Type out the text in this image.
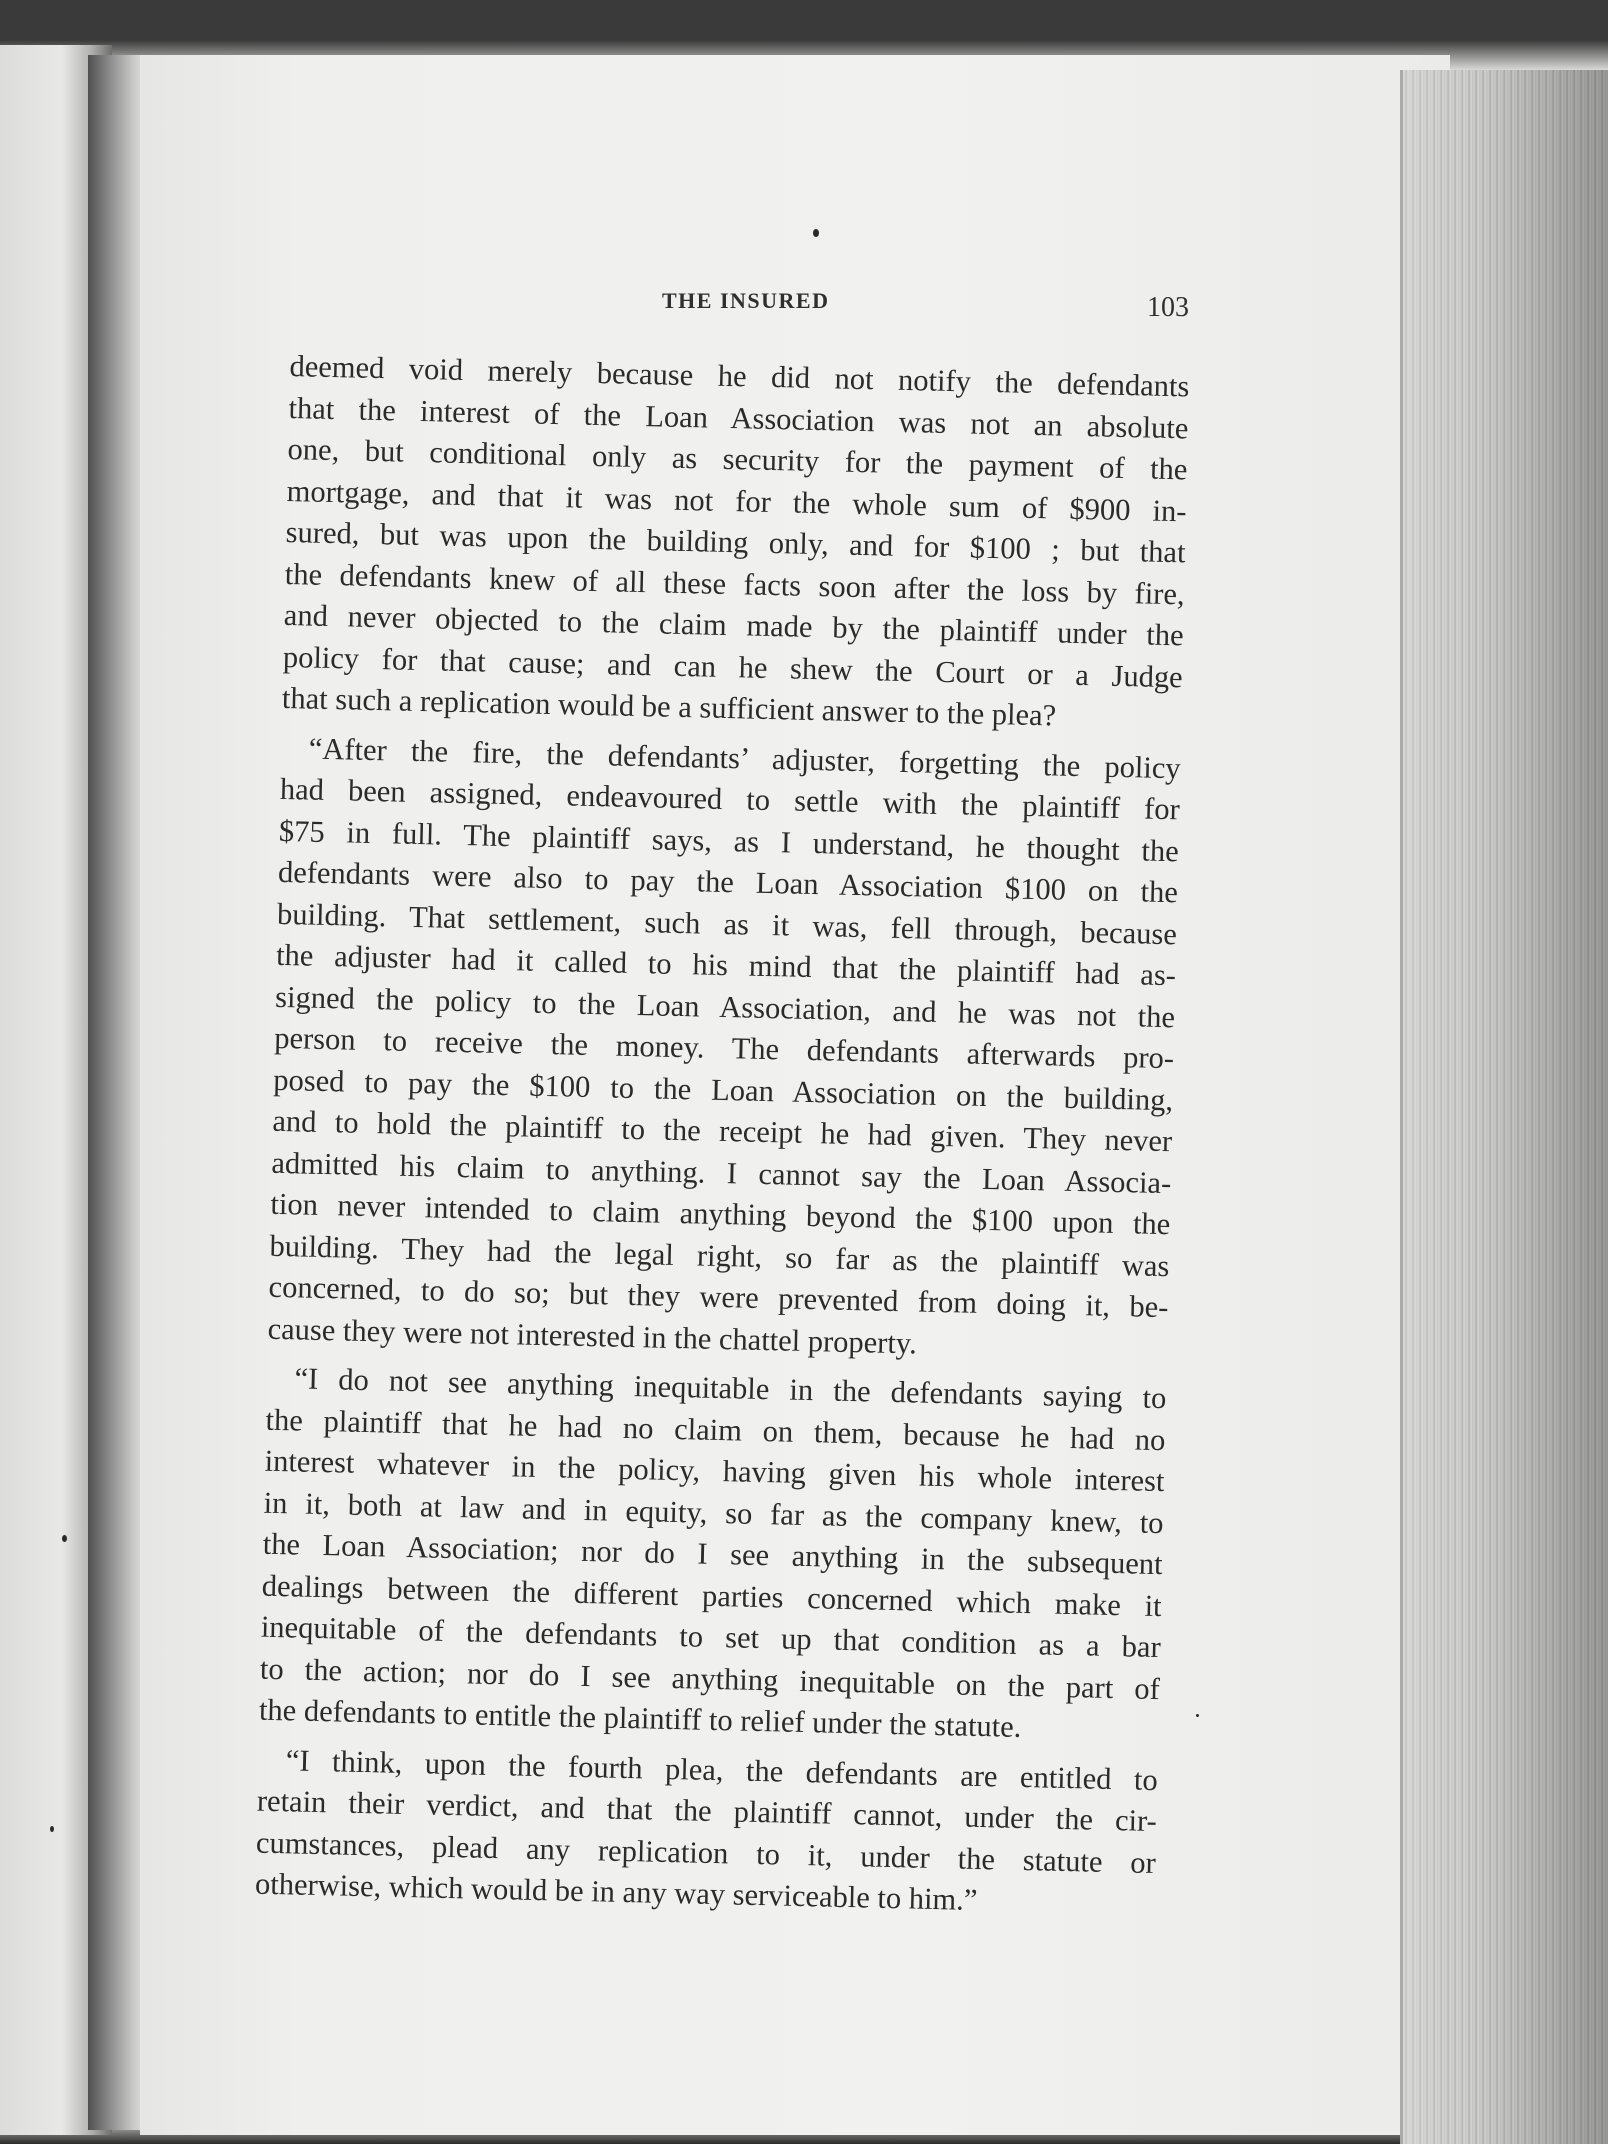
THE INSURED	103

deemed void merely because he did not notify the defendants
that the interest of the Loan Association was not an absolute
one, but conditional only as security for the payment of the
mortgage, and that it was not for the whole sum of $900 in-
sured, but was upon the building only, and for $100 ; but that
the defendants knew of all these facts soon after the loss by fire,
and never objected to the claim made by the plaintiff under the
policy for that cause; and can he shew the Court or a Judge
that such a replication would be a sufficient answer to the plea?

“After the fire, the defendants’ adjuster, forgetting the policy
had been assigned, endeavoured to settle with the plaintiff for
$75 in full. The plaintiff says, as I understand, he thought the
defendants were also to pay the Loan Association $100 on the
building. That settlement, such as it was, fell through, because
the adjuster had it called to his mind that the plaintiff had as-
signed the policy to the Loan Association, and he was not the
person to receive the money. The defendants afterwards pro-
posed to pay the $100 to the Loan Association on the building,
and to hold the plaintiff to the receipt he had given. They never
admitted his claim to anything. I cannot say the Loan Associa-
tion never intended to claim anything beyond the $100 upon the
building. They had the legal right, so far as the plaintiff was
concerned, to do so; but they were prevented from doing it, be-
cause they were not interested in the chattel property.

“I do not see anything inequitable in the defendants saying to
the plaintiff that he had no claim on them, because he had no
interest whatever in the policy, having given his whole interest
in it, both at law and in equity, so far as the company knew, to
the Loan Association; nor do I see anything in the subsequent
dealings between the different parties concerned which make it
inequitable of the defendants to set up that condition as a bar
to the action; nor do I see anything inequitable on the part of
the defendants to entitle the plaintiff to relief under the statute.

“I think, upon the fourth plea, the defendants are entitled to
retain their verdict, and that the plaintiff cannot, under the cir-
cumstances, plead any replication to it, under the statute or
otherwise, which would be in any way serviceable to him.”
